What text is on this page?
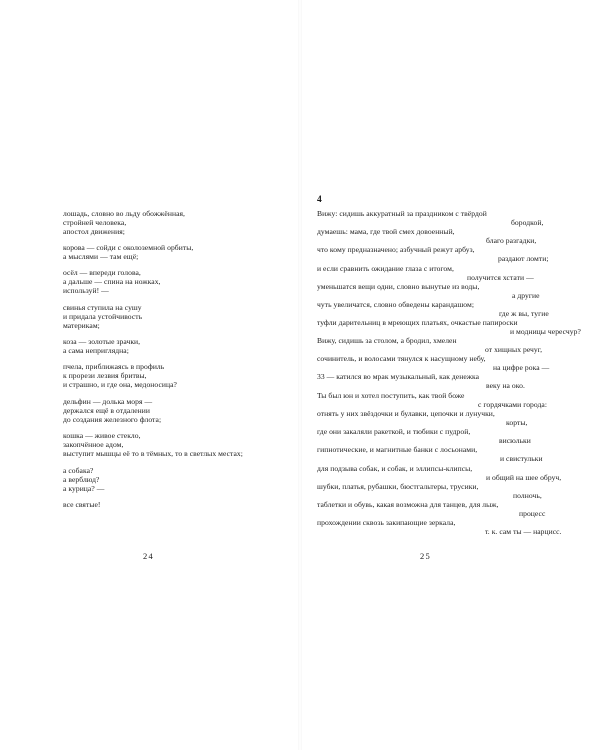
лошадь, словно во льду обожжённая,
стройней человека,
апостол движения;
корова — сойди с околоземной орбиты,
а мыслями — там ещё;
осёл — впереди голова,
а дальше — спина на ножках,
используй! —
свинья ступила на сушу
и придала устойчивость
материкам;
коза — золотые зрачки,
а сама неприглядна;
пчела, приближаясь в профиль
к прорези лезвия бритвы,
и страшно, и где она, медоносица?
дельфин — долька моря —
держался ещё в отдалении
до создания железного флота;
кошка — живое стекло,
закопчённое адом,
выступит мышцы её то в тёмных, то в светлых местах;
а собака?
а верблюд?
а курица? —
все святые!
24
4
Вижу: сидишь аккуратный за праздником с твёрдой
бородкой,
думаешь: мама, где твой смех довоенный,
благо разгадки,
что кому предназначено; азбучный режут арбуз,
раздают ломти;
и если сравнить ожидание глаза с итогом,
получится хстати —
уменьшатся вещи одни, словно вынутые из воды,
а другие
чуть увеличатся, словно обведены карандашом;
где ж вы, тугие
туфли дарительниц в мреющих платьях, очкастые папироски
и модницы чересчур?
Вижу, сидишь за столом, а бродил, хмелен
от хищных речуг,
сочинитель, и волосами тянулся к насущному небу,
на цифре рока —
33 — катился во мрак музыкальный, как денежка
веку на око.
Ты был юн и хотел поступить, как твой боже
с гордячками города:
отнять у них звёздочки и булавки, цепочки и лунучки,
корты,
где они закаляли ракеткой, и тюбики с пудрой,
висюльки
гипнотические, и магнитные банки с лосьонами,
и свистульки
для подзыва собак, и собак, и эллипсы-клипсы,
и общий на шее обруч,
шубки, платья, рубашки, бюстгальтеры, трусики,
полночь,
таблетки и обувь, какая возможна для танцев, для лыж,
процесс
прохождении сквозь закипающие зеркала,
т. к. сам ты — нарцисс.
25
